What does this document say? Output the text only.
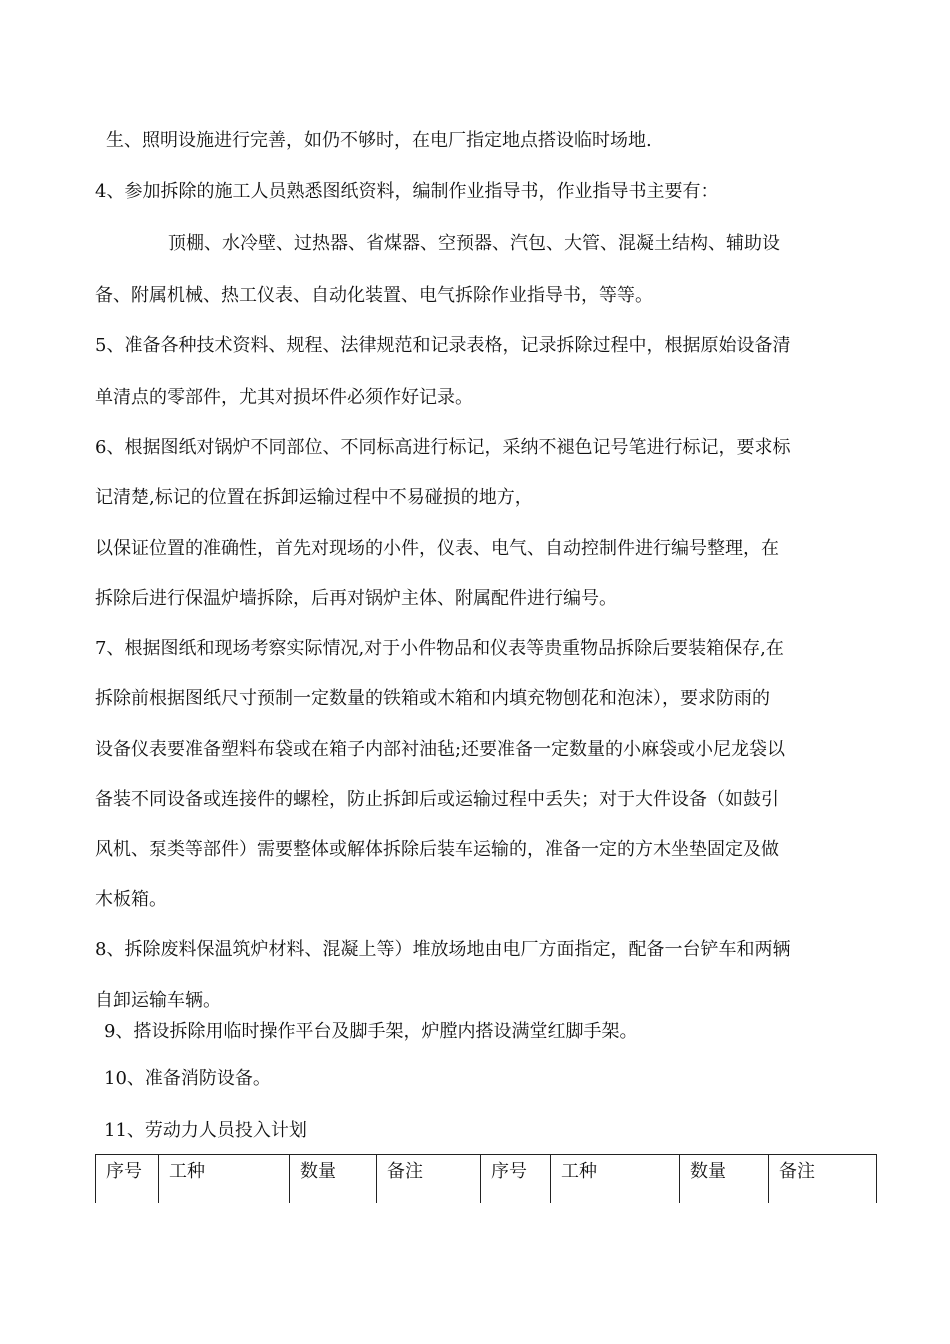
生、照明设施进行完善，如仍不够时，在电厂指定地点搭设临时场地.
4、参加拆除的施工人员熟悉图纸资料，编制作业指导书，作业指导书主要有：
顶棚、水冷壁、过热器、省煤器、空预器、汽包、大管、混凝土结构、辅助设
备、附属机械、热工仪表、自动化装置、电气拆除作业指导书，等等。
5、准备各种技术资料、规程、法律规范和记录表格，记录拆除过程中，根据原始设备清
单清点的零部件，尤其对损坏件必须作好记录。
6、根据图纸对锅炉不同部位、不同标高进行标记，采纳不褪色记号笔进行标记，要求标
记清楚,标记的位置在拆卸运输过程中不易碰损的地方，
以保证位置的准确性，首先对现场的小件，仪表、电气、自动控制件进行编号整理，在
拆除后进行保温炉墙拆除，后再对锅炉主体、附属配件进行编号。
7、根据图纸和现场考察实际情况,对于小件物品和仪表等贵重物品拆除后要装箱保存,在
拆除前根据图纸尺寸预制一定数量的铁箱或木箱和内填充物刨花和泡沫），要求防雨的
设备仪表要准备塑料布袋或在箱子内部衬油毡;还要准备一定数量的小麻袋或小尼龙袋以
备装不同设备或连接件的螺栓，防止拆卸后或运输过程中丢失；对于大件设备（如鼓引
风机、泵类等部件）需要整体或解体拆除后装车运输的，准备一定的方木坐垫固定及做
木板箱。
8、拆除废料保温筑炉材料、混凝上等）堆放场地由电厂方面指定，配备一台铲车和两辆
自卸运输车辆。
9、搭设拆除用临时操作平台及脚手架，炉膛内搭设满堂红脚手架。
10、准备消防设备。
11、劳动力人员投入计划
序号	工种	数量	备注	序号	工种	数量	备注
